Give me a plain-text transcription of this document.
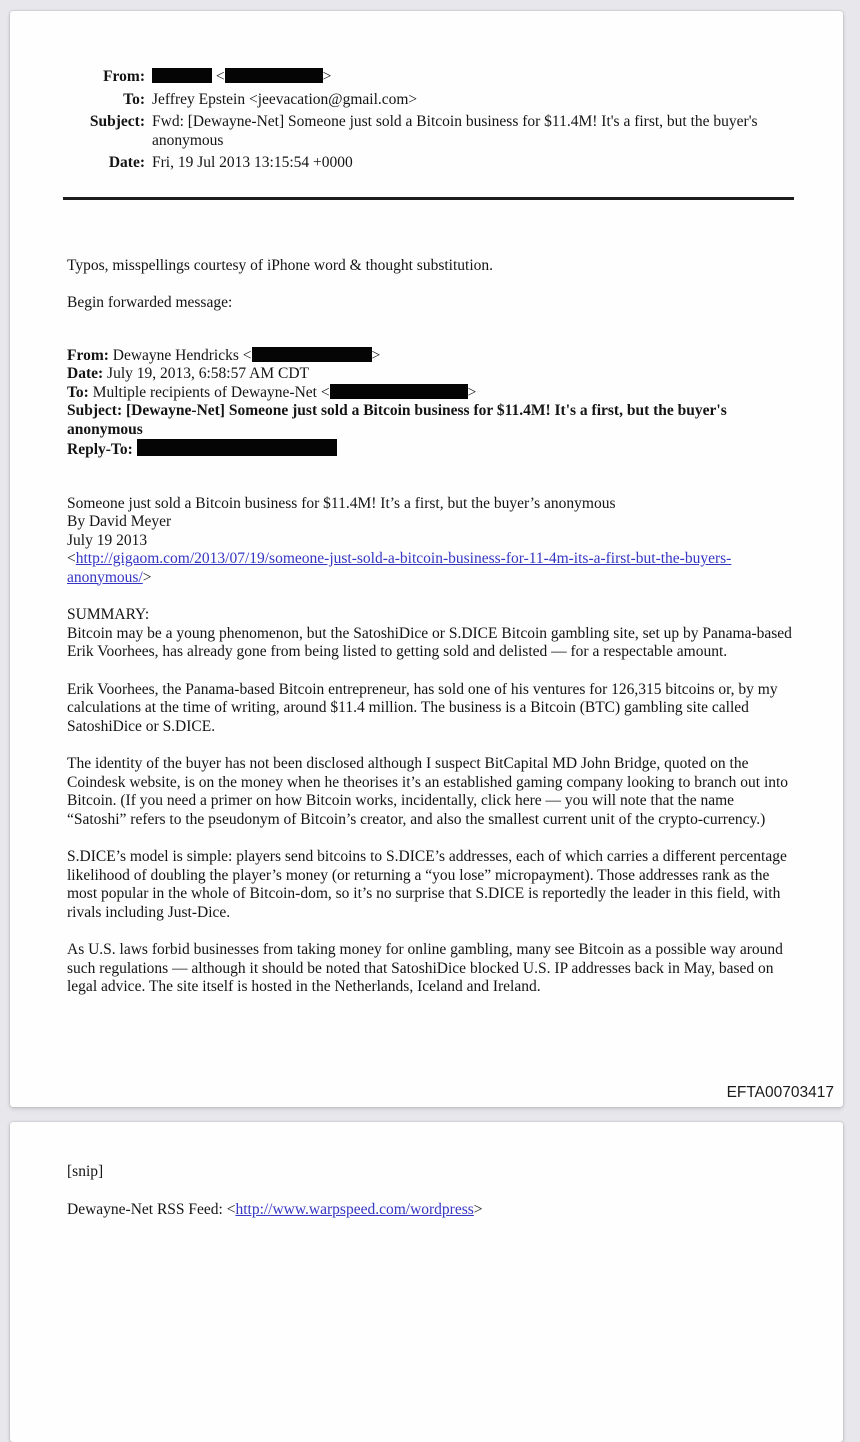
From:	<	>
To: Jeffrey Epstein <jeevacation@gmail.com>
Subject: Fwd: [Dewayne-Net] Someone just sold a Bitcoin business for $11.4M! It's a first, but the buyer's anonymous
Date: Fri, 19 Jul 2013 13:15:54 +0000
Typos, misspellings courtesy of iPhone word & thought substitution.
Begin forwarded message:
From: Dewayne Hendricks <	>
Date: July 19, 2013, 6:58:57 AM CDT
To: Multiple recipients of Dewayne-Net <	>
Subject: [Dewayne-Net] Someone just sold a Bitcoin business for $11.4M! It's a first, but the buyer's anonymous
Reply-To:
Someone just sold a Bitcoin business for $11.4M! It’s a first, but the buyer’s anonymous
By David Meyer
July 19 2013
<http://gigaom.com/2013/07/19/someone-just-sold-a-bitcoin-business-for-11-4m-its-a-first-but-the-buyers-anonymous/>
SUMMARY:
Bitcoin may be a young phenomenon, but the SatoshiDice or S.DICE Bitcoin gambling site, set up by Panama-based Erik Voorhees, has already gone from being listed to getting sold and delisted — for a respectable amount.

Erik Voorhees, the Panama-based Bitcoin entrepreneur, has sold one of his ventures for 126,315 bitcoins or, by my calculations at the time of writing, around $11.4 million. The business is a Bitcoin (BTC) gambling site called SatoshiDice or S.DICE.

The identity of the buyer has not been disclosed although I suspect BitCapital MD John Bridge, quoted on the Coindesk website, is on the money when he theorises it’s an established gaming company looking to branch out into Bitcoin. (If you need a primer on how Bitcoin works, incidentally, click here — you will note that the name “Satoshi” refers to the pseudonym of Bitcoin’s creator, and also the smallest current unit of the crypto-currency.)

S.DICE’s model is simple: players send bitcoins to S.DICE’s addresses, each of which carries a different percentage likelihood of doubling the player’s money (or returning a “you lose” micropayment). Those addresses rank as the most popular in the whole of Bitcoin-dom, so it’s no surprise that S.DICE is reportedly the leader in this field, with rivals including Just-Dice.

As U.S. laws forbid businesses from taking money for online gambling, many see Bitcoin as a possible way around such regulations — although it should be noted that SatoshiDice blocked U.S. IP addresses back in May, based on legal advice. The site itself is hosted in the Netherlands, Iceland and Ireland.

EFTA00703417
[snip]
Dewayne-Net RSS Feed: <http://www.warpspeed.com/wordpress>
